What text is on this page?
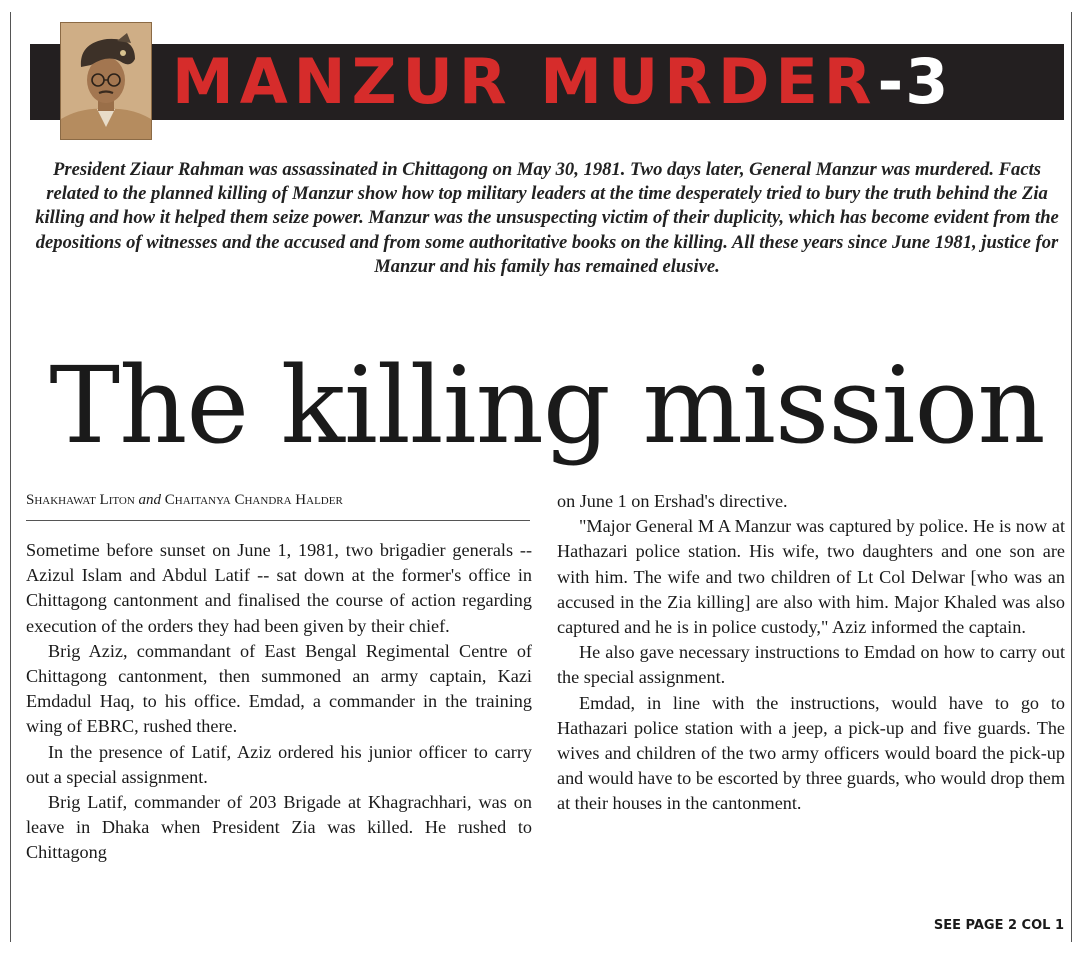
MANZUR MURDER-3
President Ziaur Rahman was assassinated in Chittagong on May 30, 1981. Two days later, General Manzur was murdered. Facts related to the planned killing of Manzur show how top military leaders at the time desperately tried to bury the truth behind the Zia killing and how it helped them seize power. Manzur was the unsuspecting victim of their duplicity, which has become evident from the depositions of witnesses and the accused and from some authoritative books on the killing. All these years since June 1981, justice for Manzur and his family has remained elusive.
The killing mission
Shakhawat Liton and Chaitanya Chandra Halder

Sometime before sunset on June 1, 1981, two brigadier generals -- Azizul Islam and Abdul Latif -- sat down at the former's office in Chittagong cantonment and finalised the course of action regarding execution of the orders they had been given by their chief.

Brig Aziz, commandant of East Bengal Regimental Centre of Chittagong cantonment, then summoned an army captain, Kazi Emdadul Haq, to his office. Emdad, a commander in the training wing of EBRC, rushed there.

In the presence of Latif, Aziz ordered his junior officer to carry out a special assignment.

Brig Latif, commander of 203 Brigade at Khagrachhari, was on leave in Dhaka when President Zia was killed. He rushed to Chittagong

on June 1 on Ershad's directive.

"Major General M A Manzur was captured by police. He is now at Hathazari police station. His wife, two daughters and one son are with him. The wife and two children of Lt Col Delwar [who was an accused in the Zia killing] are also with him. Major Khaled was also captured and he is in police custody," Aziz informed the captain.

He also gave necessary instructions to Emdad on how to carry out the special assignment.

Emdad, in line with the instructions, would have to go to Hathazari police station with a jeep, a pick-up and five guards. The wives and children of the two army officers would board the pick-up and would have to be escorted by three guards, who would drop them at their houses in the cantonment.

SEE PAGE 2 COL 1
